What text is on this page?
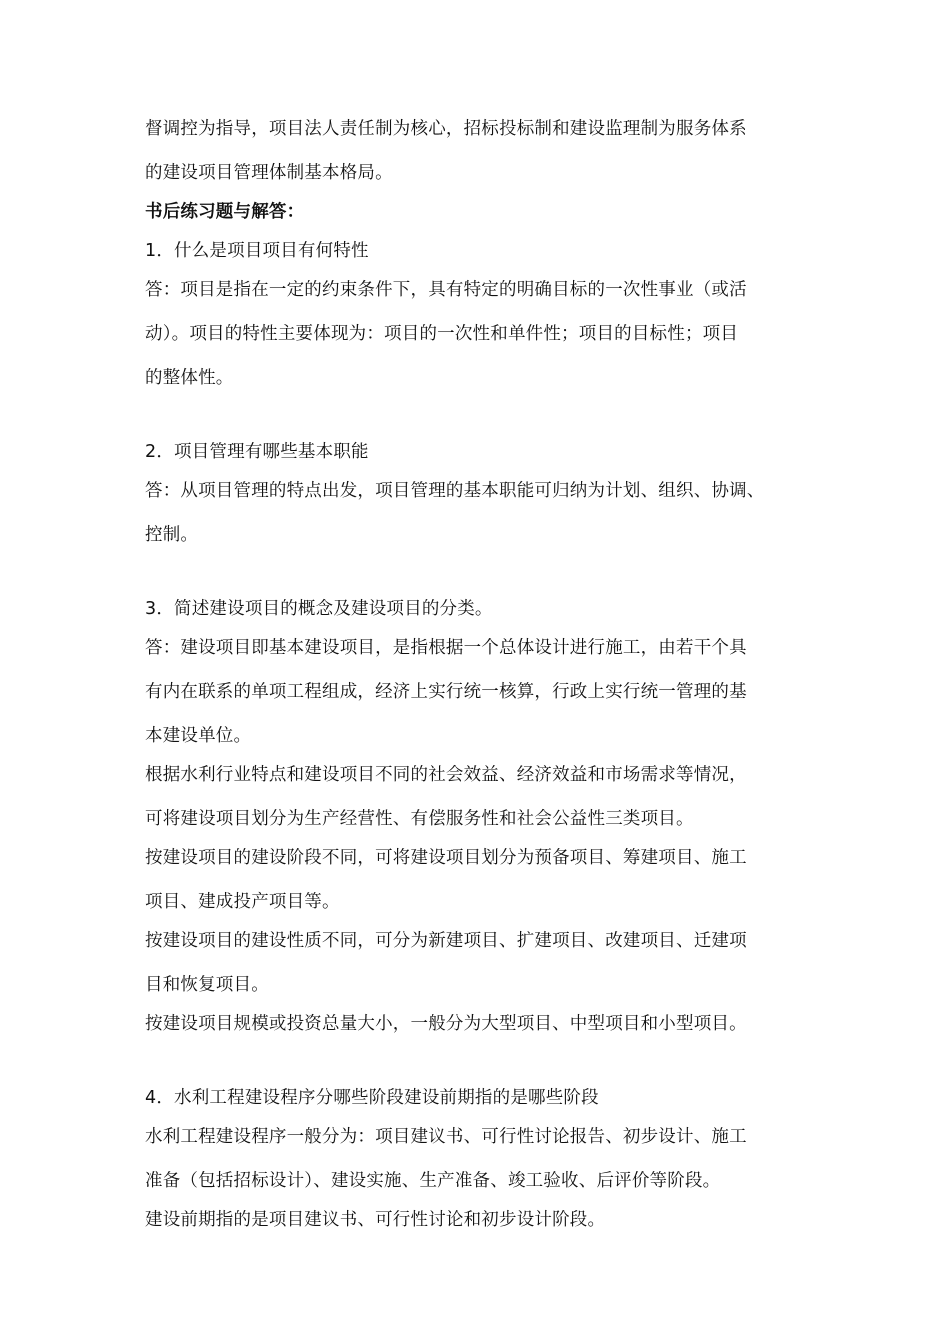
督调控为指导，项目法人责任制为核心，招标投标制和建设监理制为服务体系

的建设项目管理体制基本格局。

书后练习题与解答：

1．什么是项目项目有何特性

答：项目是指在一定的约束条件下，具有特定的明确目标的一次性事业（或活

动）。项目的特性主要体现为：项目的一次性和单件性；项目的目标性；项目

的整体性。

2．项目管理有哪些基本职能

答：从项目管理的特点出发，项目管理的基本职能可归纳为计划、组织、协调、

控制。

3．简述建设项目的概念及建设项目的分类。

答：建设项目即基本建设项目，是指根据一个总体设计进行施工，由若干个具

有内在联系的单项工程组成，经济上实行统一核算，行政上实行统一管理的基

本建设单位。

根据水利行业特点和建设项目不同的社会效益、经济效益和市场需求等情况，

可将建设项目划分为生产经营性、有偿服务性和社会公益性三类项目。

按建设项目的建设阶段不同，可将建设项目划分为预备项目、筹建项目、施工

项目、建成投产项目等。

按建设项目的建设性质不同，可分为新建项目、扩建项目、改建项目、迁建项

目和恢复项目。

按建设项目规模或投资总量大小，一般分为大型项目、中型项目和小型项目。

4．水利工程建设程序分哪些阶段建设前期指的是哪些阶段

水利工程建设程序一般分为：项目建议书、可行性讨论报告、初步设计、施工

准备（包括招标设计）、建设实施、生产准备、竣工验收、后评价等阶段。

建设前期指的是项目建议书、可行性讨论和初步设计阶段。
